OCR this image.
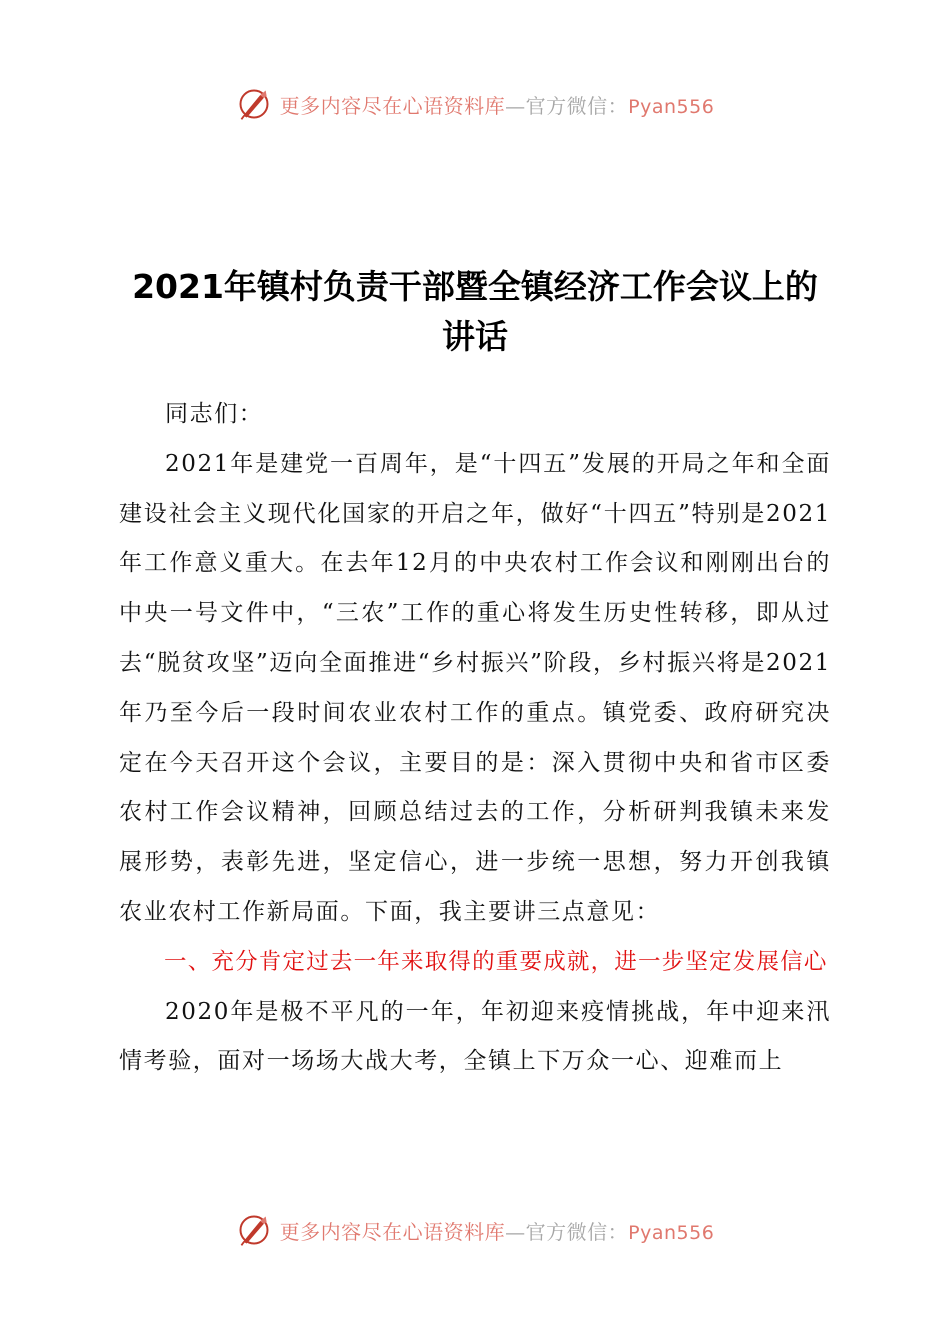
更多内容尽在心语资料库—官方微信：Pyan556
2021年镇村负责干部暨全镇经济工作会议上的
讲话

同志们：

2021年是建党一百周年，是“十四五”发展的开局之年和全面建设社会主义现代化国家的开启之年，做好“十四五”特别是2021年工作意义重大。在去年12月的中央农村工作会议和刚刚出台的中央一号文件中，“三农”工作的重心将发生历史性转移，即从过去“脱贫攻坚”迈向全面推进“乡村振兴”阶段，乡村振兴将是2021年乃至今后一段时间农业农村工作的重点。镇党委、政府研究决定在今天召开这个会议，主要目的是：深入贯彻中央和省市区委农村工作会议精神，回顾总结过去的工作，分析研判我镇未来发展形势，表彰先进，坚定信心，进一步统一思想，努力开创我镇农业农村工作新局面。下面，我主要讲三点意见：

一、充分肯定过去一年来取得的重要成就，进一步坚定发展信心

2020年是极不平凡的一年，年初迎来疫情挑战，年中迎来汛情考验，面对一场场大战大考，全镇上下万众一心、迎难而上

更多内容尽在心语资料库—官方微信：Pyan556
